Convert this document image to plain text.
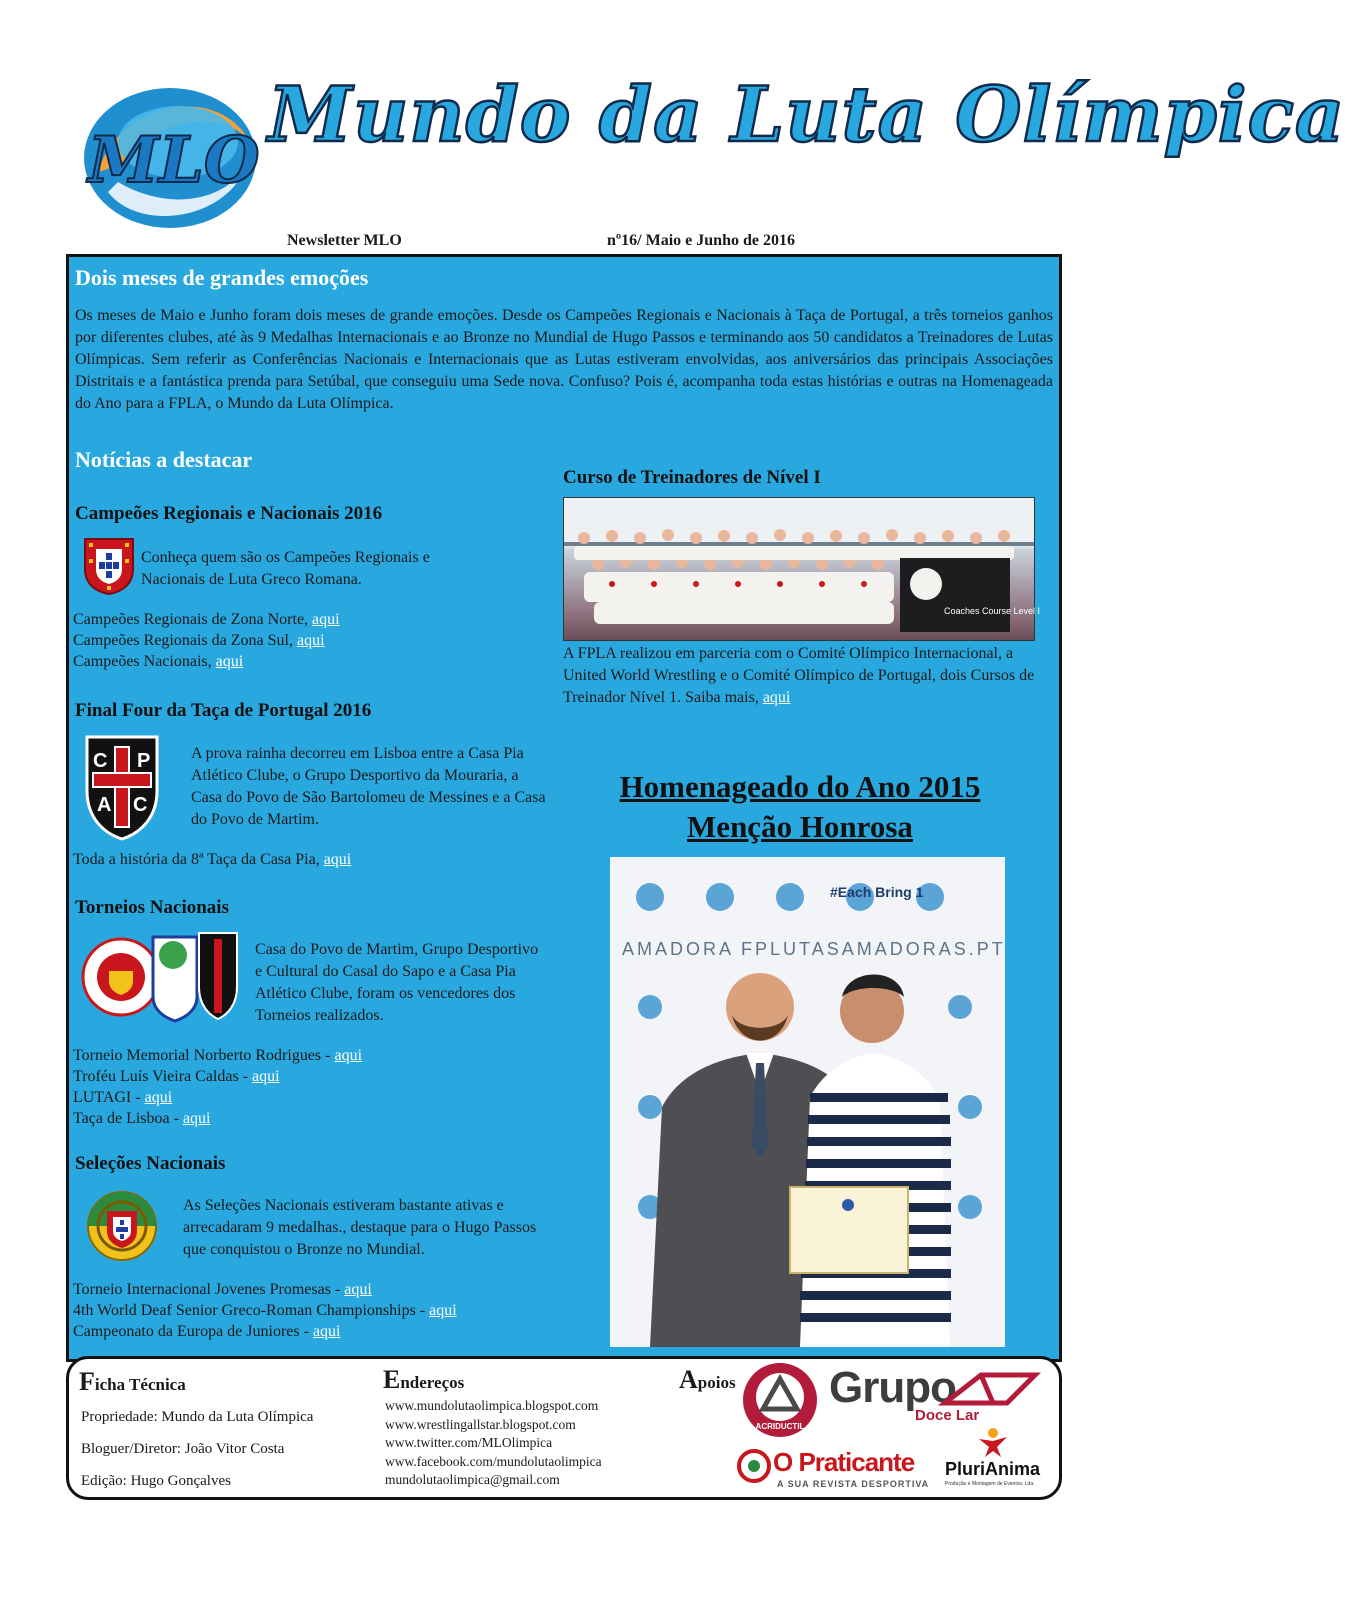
MLO
Mundo da Luta Olímpica
Newsletter MLO	nº16/ Maio e Junho de 2016
Dois meses de grandes emoções
Os meses de Maio e Junho foram dois meses de grande emoções. Desde os Campeões Regionais e Nacionais à Taça de Portugal, a três torneios ganhos por diferentes clubes, até às 9 Medalhas Internacionais e ao Bronze no Mundial de Hugo Passos e terminando aos 50 candidatos a Treinadores de Lutas Olímpicas. Sem referir as Conferências Nacionais e Internacionais que as Lutas estiveram envolvidas, aos aniversários das principais Associações Distritais e a fantástica prenda para Setúbal, que conseguiu uma Sede nova. Confuso? Pois é, acompanha toda estas histórias e outras na Homenageada do Ano para a FPLA, o Mundo da Luta Olímpica.
Notícias a destacar
Campeões Regionais e Nacionais 2016
Conheça quem são os Campeões Regionais e Nacionais de Luta Greco Romana.
Campeões Regionais de Zona Norte, aqui
Campeões Regionais da Zona Sul, aqui
Campeões Nacionais, aqui
Final Four da Taça de Portugal 2016
C P
A C
A prova rainha decorreu em Lisboa entre a Casa Pia Atlético Clube, o Grupo Desportivo da Mouraria, a Casa do Povo de São Bartolomeu de Messines e a Casa do Povo de Martim.
Toda a história da 8ª Taça da Casa Pia, aqui
Torneios Nacionais
Casa do Povo de Martim, Grupo Desportivo e Cultural do Casal do Sapo e a Casa Pia Atlético Clube, foram os vencedores dos Torneios realizados.
Torneio Memorial Norberto Rodrigues - aqui
Troféu Luís Vieira Caldas - aqui
LUTAGI - aqui
Taça de Lisboa - aqui
Seleções Nacionais
As Seleções Nacionais estiveram bastante ativas e arrecadaram 9 medalhas., destaque para o Hugo Passos que conquistou o Bronze no Mundial.
Torneio Internacional Jovenes Promesas - aqui
4th World Deaf Senior Greco-Roman Championships - aqui
Campeonato da Europa de Juniores - aqui
Curso de Treinadores de Nível I
Coaches Course Level I
A FPLA realizou em parceria com o Comité Olímpico Internacional, a United World Wrestling e o Comité Olímpico de Portugal, dois Cursos de Treinador Nível 1. Saiba mais, aqui
Homenageado do Ano 2015
Menção Honrosa
AMADORA FPLUTASAMADORAS.PT
#Each Bring 1
Ficha Técnica
Propriedade: Mundo da Luta Olímpica
Bloguer/Diretor: João Vitor Costa
Edição: Hugo Gonçalves
Endereços
www.mundolutaolimpica.blogspot.com
www.wrestlingallstar.blogspot.com
www.twitter.com/MLOlimpica
www.facebook.com/mundolutaolimpica
mundolutaolimpica@gmail.com
Apoios
ACRIDUCTIL
Grupo
Doce Lar
O Praticante
A SUA REVISTA DESPORTIVA
PluriAnima
Produção e Montagem de Eventos, Lda.
